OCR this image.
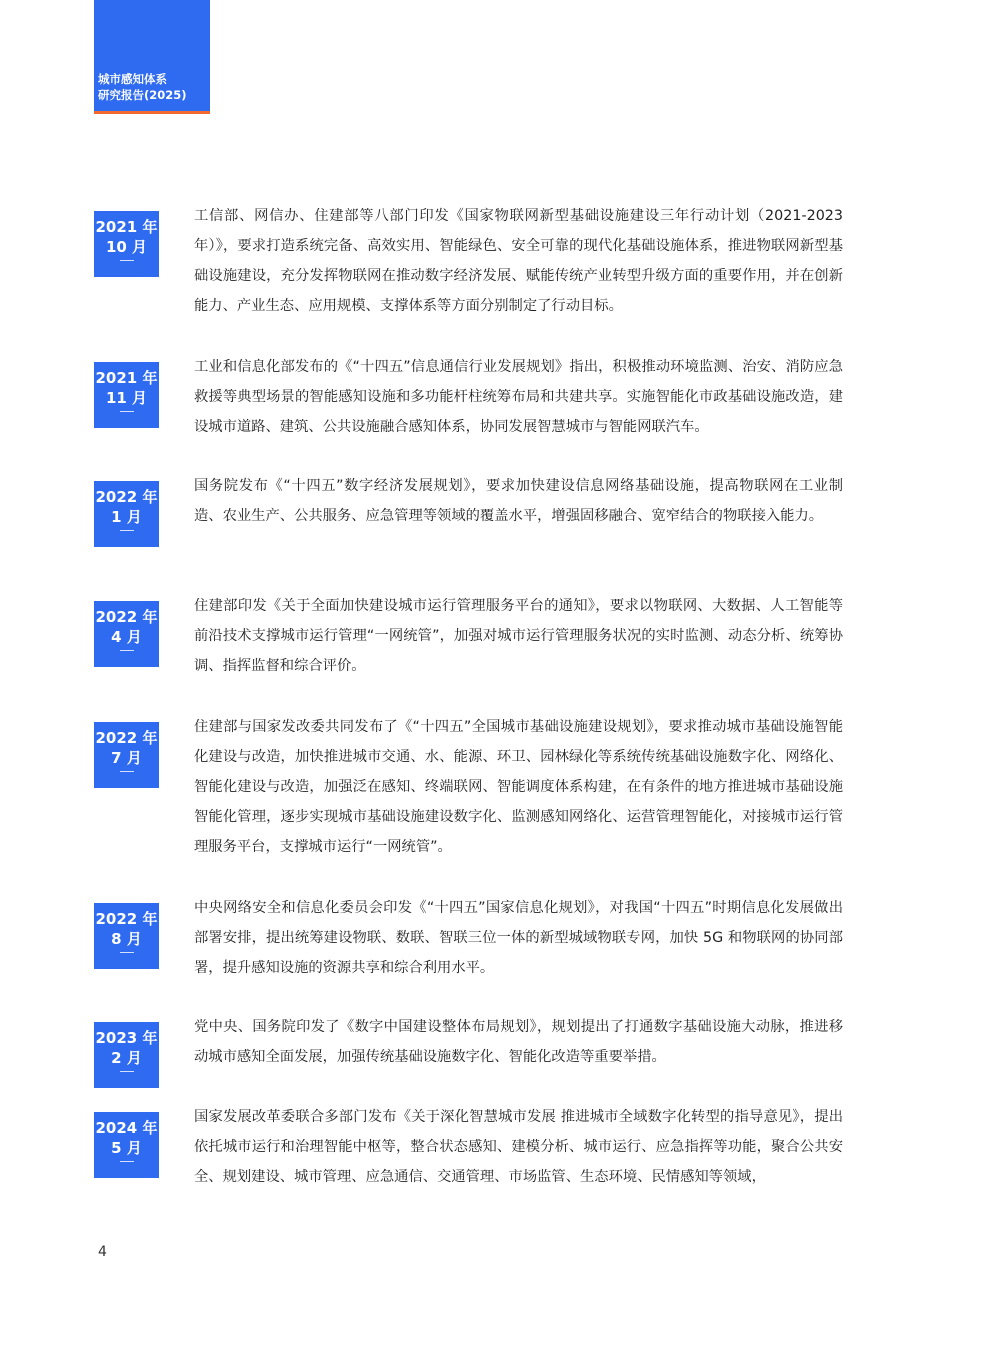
城市感知体系
研究报告(2025)
2021 年
10 月

工信部、网信办、住建部等八部门印发《国家物联网新型基础设施建设三年行动计划（2021-2023年）》，要求打造系统完备、高效实用、智能绿色、安全可靠的现代化基础设施体系，推进物联网新型基础设施建设，充分发挥物联网在推动数字经济发展、赋能传统产业转型升级方面的重要作用，并在创新能力、产业生态、应用规模、支撑体系等方面分别制定了行动目标。

2021 年
11 月

工业和信息化部发布的《“十四五”信息通信行业发展规划》指出，积极推动环境监测、治安、消防应急救援等典型场景的智能感知设施和多功能杆柱统筹布局和共建共享。实施智能化市政基础设施改造，建设城市道路、建筑、公共设施融合感知体系，协同发展智慧城市与智能网联汽车。

2022 年
1 月

国务院发布《“十四五”数字经济发展规划》，要求加快建设信息网络基础设施，提高物联网在工业制造、农业生产、公共服务、应急管理等领域的覆盖水平，增强固移融合、宽窄结合的物联接入能力。

2022 年
4 月

住建部印发《关于全面加快建设城市运行管理服务平台的通知》，要求以物联网、大数据、人工智能等前沿技术支撑城市运行管理“一网统管”，加强对城市运行管理服务状况的实时监测、动态分析、统筹协调、指挥监督和综合评价。

2022 年
7 月

住建部与国家发改委共同发布了《“十四五”全国城市基础设施建设规划》，要求推动城市基础设施智能化建设与改造，加快推进城市交通、水、能源、环卫、园林绿化等系统传统基础设施数字化、网络化、智能化建设与改造，加强泛在感知、终端联网、智能调度体系构建，在有条件的地方推进城市基础设施智能化管理，逐步实现城市基础设施建设数字化、监测感知网络化、运营管理智能化，对接城市运行管理服务平台，支撑城市运行“一网统管”。

2022 年
8 月

中央网络安全和信息化委员会印发《“十四五”国家信息化规划》，对我国“十四五”时期信息化发展做出部署安排，提出统筹建设物联、数联、智联三位一体的新型城域物联专网，加快 5G 和物联网的协同部署，提升感知设施的资源共享和综合利用水平。

2023 年
2 月

党中央、国务院印发了《数字中国建设整体布局规划》，规划提出了打通数字基础设施大动脉，推进移动城市感知全面发展，加强传统基础设施数字化、智能化改造等重要举措。

2024 年
5 月

国家发展改革委联合多部门发布《关于深化智慧城市发展 推进城市全域数字化转型的指导意见》，提出依托城市运行和治理智能中枢等，整合状态感知、建模分析、城市运行、应急指挥等功能，聚合公共安全、规划建设、城市管理、应急通信、交通管理、市场监管、生态环境、民情感知等领域，

4
